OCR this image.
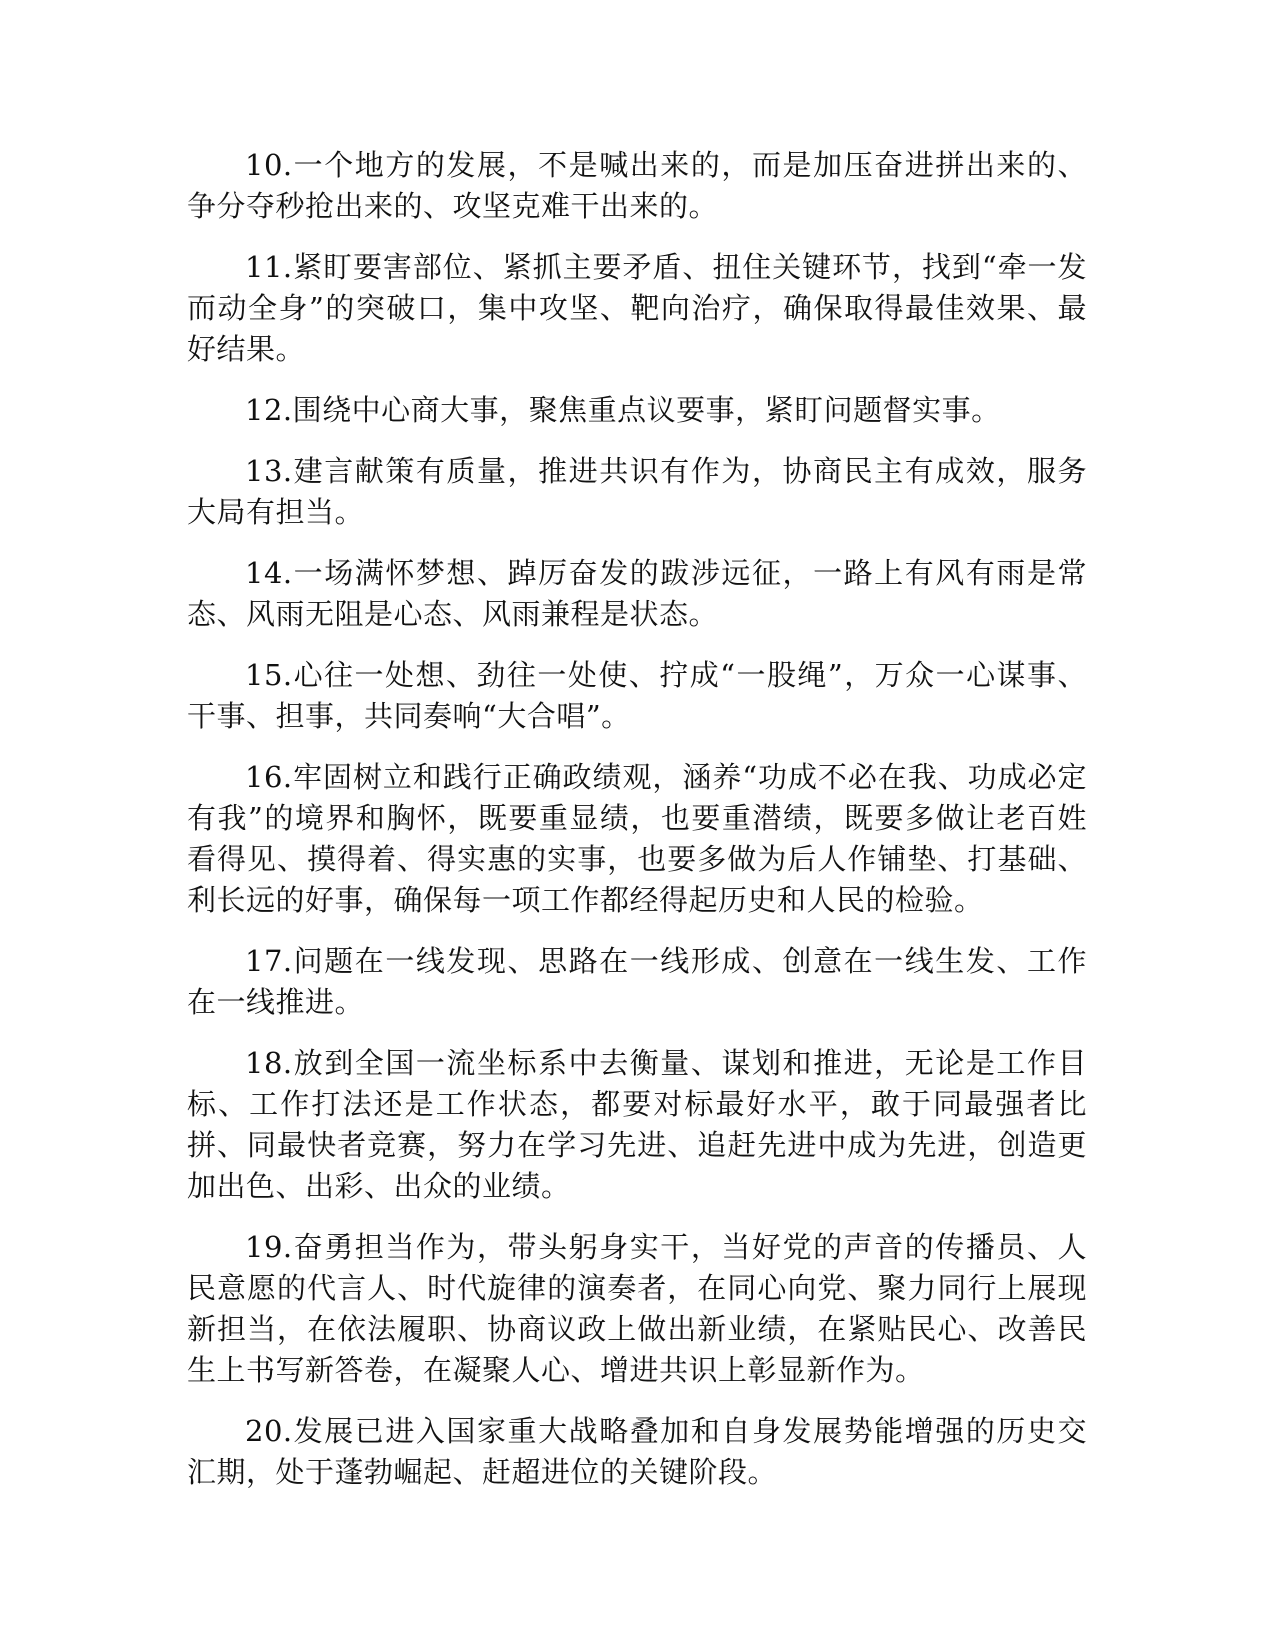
10.一个地方的发展，不是喊出来的，而是加压奋进拼出来的、争分夺秒抢出来的、攻坚克难干出来的。

11.紧盯要害部位、紧抓主要矛盾、扭住关键环节，找到“牵一发而动全身”的突破口，集中攻坚、靶向治疗，确保取得最佳效果、最好结果。

12.围绕中心商大事，聚焦重点议要事，紧盯问题督实事。

13.建言献策有质量，推进共识有作为，协商民主有成效，服务大局有担当。

14.一场满怀梦想、踔厉奋发的跋涉远征，一路上有风有雨是常态、风雨无阻是心态、风雨兼程是状态。

15.心往一处想、劲往一处使、拧成“一股绳”，万众一心谋事、干事、担事，共同奏响“大合唱”。

16.牢固树立和践行正确政绩观，涵养“功成不必在我、功成必定有我”的境界和胸怀，既要重显绩，也要重潜绩，既要多做让老百姓看得见、摸得着、得实惠的实事，也要多做为后人作铺垫、打基础、利长远的好事，确保每一项工作都经得起历史和人民的检验。

17.问题在一线发现、思路在一线形成、创意在一线生发、工作在一线推进。

18.放到全国一流坐标系中去衡量、谋划和推进，无论是工作目标、工作打法还是工作状态，都要对标最好水平，敢于同最强者比拼、同最快者竞赛，努力在学习先进、追赶先进中成为先进，创造更加出色、出彩、出众的业绩。

19.奋勇担当作为，带头躬身实干，当好党的声音的传播员、人民意愿的代言人、时代旋律的演奏者，在同心向党、聚力同行上展现新担当，在依法履职、协商议政上做出新业绩，在紧贴民心、改善民生上书写新答卷，在凝聚人心、增进共识上彰显新作为。

20.发展已进入国家重大战略叠加和自身发展势能增强的历史交汇期，处于蓬勃崛起、赶超进位的关键阶段。
